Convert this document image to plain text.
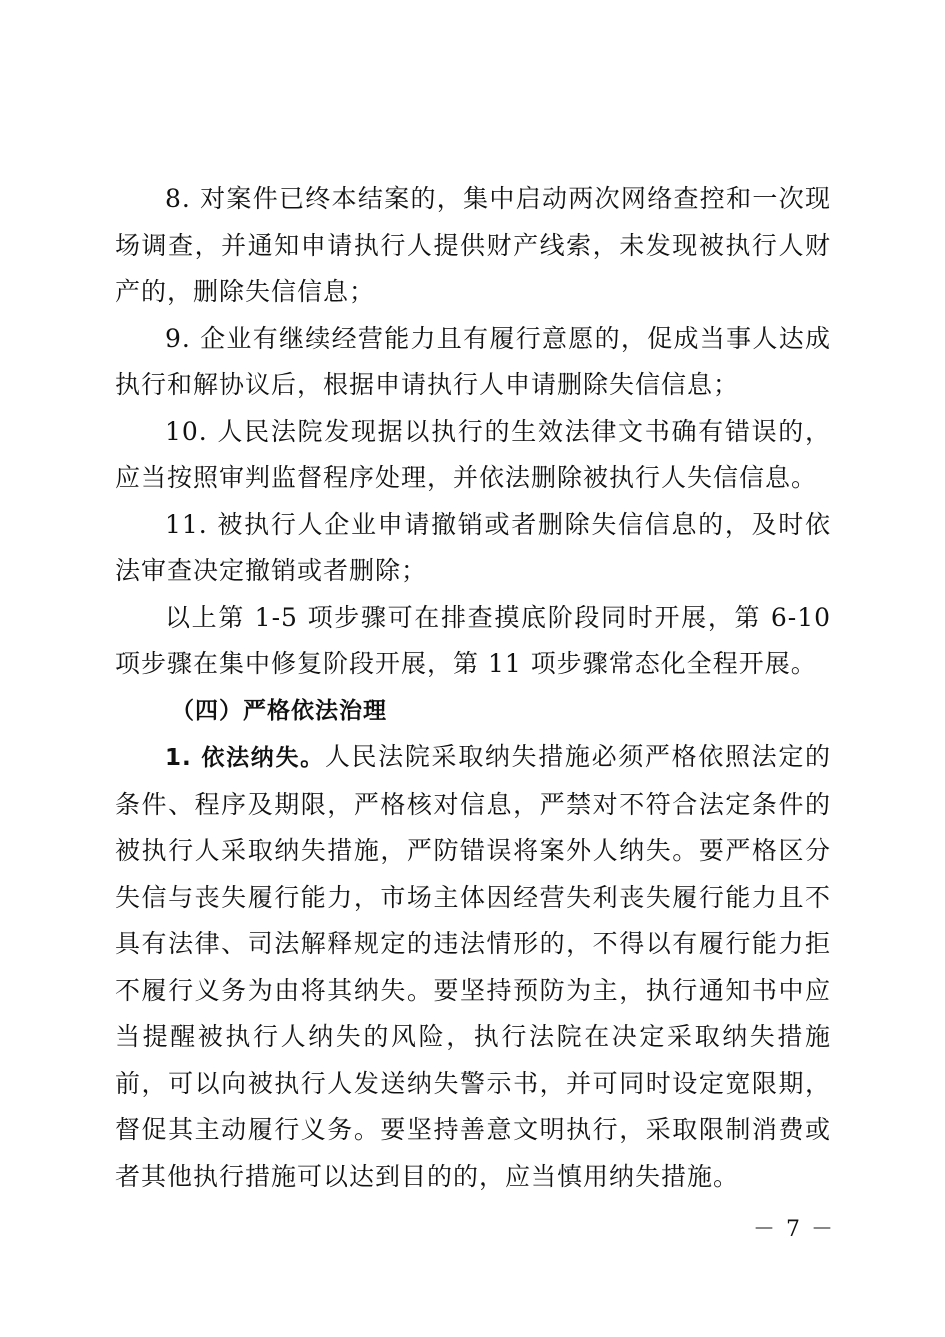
8. 对案件已终本结案的，集中启动两次网络查控和一次现场调查，并通知申请执行人提供财产线索，未发现被执行人财产的，删除失信信息；

9. 企业有继续经营能力且有履行意愿的，促成当事人达成执行和解协议后，根据申请执行人申请删除失信信息；

10. 人民法院发现据以执行的生效法律文书确有错误的，应当按照审判监督程序处理，并依法删除被执行人失信信息。

11. 被执行人企业申请撤销或者删除失信信息的，及时依法审查决定撤销或者删除；

以上第 1-5 项步骤可在排查摸底阶段同时开展，第 6-10 项步骤在集中修复阶段开展，第 11 项步骤常态化全程开展。

（四）严格依法治理

1. 依法纳失。人民法院采取纳失措施必须严格依照法定的条件、程序及期限，严格核对信息，严禁对不符合法定条件的被执行人采取纳失措施，严防错误将案外人纳失。要严格区分失信与丧失履行能力，市场主体因经营失利丧失履行能力且不具有法律、司法解释规定的违法情形的，不得以有履行能力拒不履行义务为由将其纳失。要坚持预防为主，执行通知书中应当提醒被执行人纳失的风险，执行法院在决定采取纳失措施前，可以向被执行人发送纳失警示书，并可同时设定宽限期，督促其主动履行义务。要坚持善意文明执行，采取限制消费或者其他执行措施可以达到目的的，应当慎用纳失措施。

－ 7 －
